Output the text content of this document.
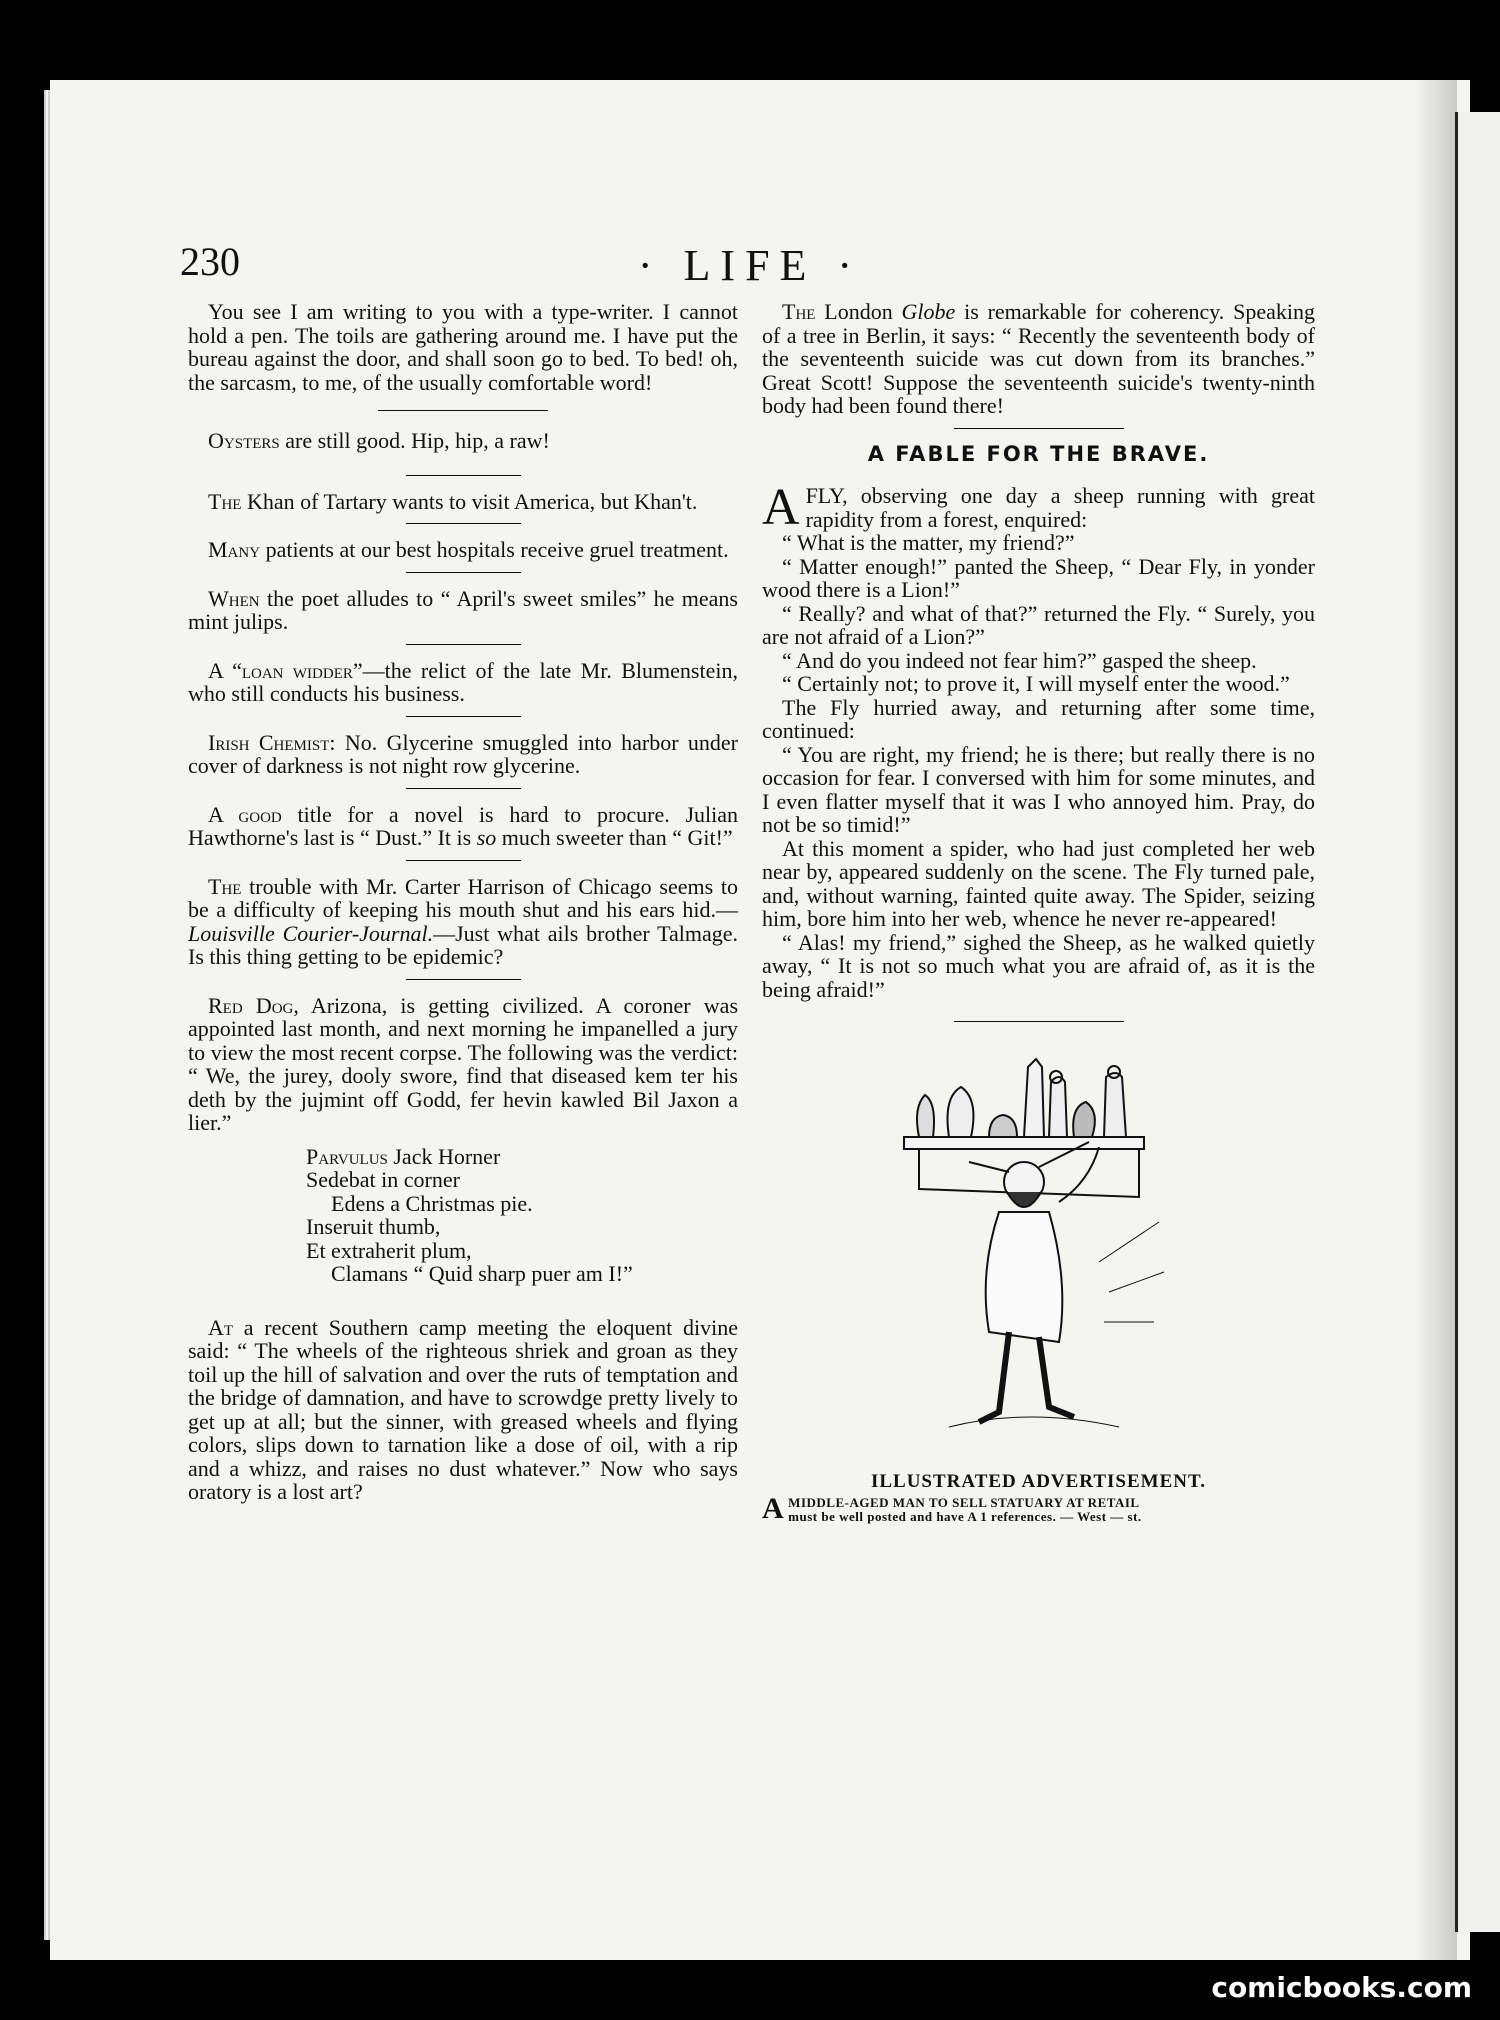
230	· LIFE ·

You see I am writing to you with a type-writer. I cannot hold a pen. The toils are gathering around me. I have put the bureau against the door, and shall soon go to bed. To bed! oh, the sarcasm, to me, of the usually comfortable word!

Oysters are still good. Hip, hip, a raw!

The Khan of Tartary wants to visit America, but Khan't.

Many patients at our best hospitals receive gruel treatment.

When the poet alludes to “ April's sweet smiles” he means mint julips.

A “loan widder”—the relict of the late Mr. Blumenstein, who still conducts his business.

Irish Chemist: No. Glycerine smuggled into harbor under cover of darkness is not night row glycerine.

A good title for a novel is hard to procure. Julian Hawthorne's last is “ Dust.” It is so much sweeter than “ Git!”

The trouble with Mr. Carter Harrison of Chicago seems to be a difficulty of keeping his mouth shut and his ears hid.—Louisville Courier-Journal.—Just what ails brother Talmage. Is this thing getting to be epidemic?

Red Dog, Arizona, is getting civilized. A coroner was appointed last month, and next morning he impanelled a jury to view the most recent corpse. The following was the verdict: “ We, the jurey, dooly swore, find that diseased kem ter his deth by the jujmint off Godd, fer hevin kawled Bil Jaxon a lier.”

Parvulus Jack Horner
Sedebat in corner
Edens a Christmas pie.
Inseruit thumb,
Et extraherit plum,
Clamans “ Quid sharp puer am I!”

At a recent Southern camp meeting the eloquent divine said: “ The wheels of the righteous shriek and groan as they toil up the hill of salvation and over the ruts of temptation and the bridge of damnation, and have to scrowdge pretty lively to get up at all; but the sinner, with greased wheels and flying colors, slips down to tarnation like a dose of oil, with a rip and a whizz, and raises no dust whatever.” Now who says oratory is a lost art?

The London Globe is remarkable for coherency. Speaking of a tree in Berlin, it says: “ Recently the seventeenth body of the seventeenth suicide was cut down from its branches.” Great Scott! Suppose the seventeenth suicide's twenty-ninth body had been found there!

A FABLE FOR THE BRAVE.

A FLY, observing one day a sheep running with great rapidity from a forest, enquired:

“ What is the matter, my friend?”

“ Matter enough!” panted the Sheep, “ Dear Fly, in yonder wood there is a Lion!”

“ Really? and what of that?” returned the Fly. “ Surely, you are not afraid of a Lion?”

“ And do you indeed not fear him?” gasped the sheep.

“ Certainly not; to prove it, I will myself enter the wood.”

The Fly hurried away, and returning after some time, continued:

“ You are right, my friend; he is there; but really there is no occasion for fear. I conversed with him for some minutes, and I even flatter myself that it was I who annoyed him. Pray, do not be so timid!”

At this moment a spider, who had just completed her web near by, appeared suddenly on the scene. The Fly turned pale, and, without warning, fainted quite away. The Spider, seizing him, bore him into her web, whence he never re-appeared!

“ Alas! my friend,” sighed the Sheep, as he walked quietly away, “ It is not so much what you are afraid of, as it is the being afraid!”

ILLUSTRATED ADVERTISEMENT.
A MIDDLE-AGED MAN TO SELL STATUARY AT RETAIL
must be well posted and have A 1 references. — West — st.
comicbooks.com
